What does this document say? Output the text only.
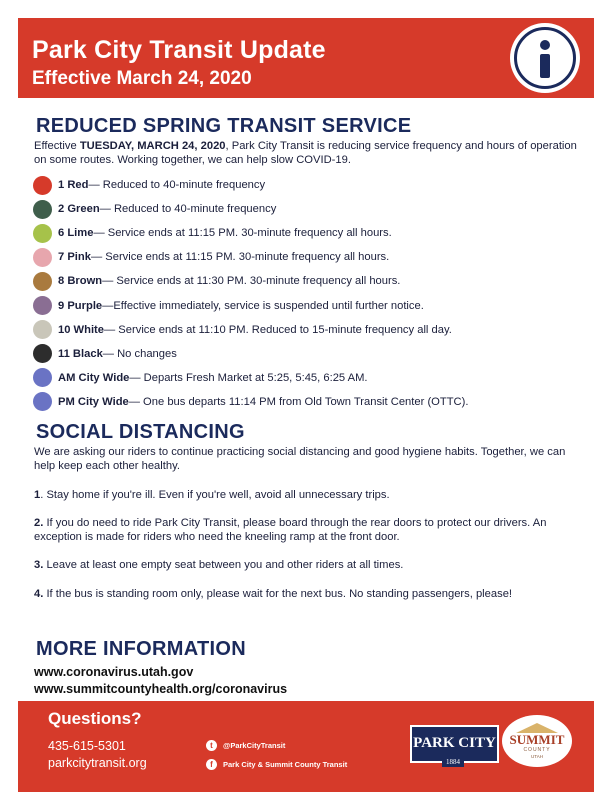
Park City Transit Update
Effective March 24, 2020
REDUCED SPRING TRANSIT SERVICE
Effective TUESDAY, MARCH 24, 2020, Park City Transit is reducing service frequency and hours of operation on some routes. Working together, we can help slow COVID-19.
1 Red — Reduced to 40-minute frequency
2 Green — Reduced to 40-minute frequency
6 Lime — Service ends at 11:15 PM. 30-minute frequency all hours.
7 Pink — Service ends at 11:15 PM. 30-minute frequency all hours.
8 Brown — Service ends at 11:30 PM. 30-minute frequency all hours.
9 Purple —Effective immediately, service is suspended until further notice.
10 White — Service ends at 11:10 PM. Reduced to 15-minute frequency all day.
11 Black — No changes
AM City Wide — Departs Fresh Market at 5:25, 5:45, 6:25 AM.
PM City Wide — One bus departs 11:14 PM from Old Town Transit Center (OTTC).
SOCIAL DISTANCING
We are asking our riders to continue practicing social distancing and good hygiene habits. Together, we can help keep each other healthy.
1. Stay home if you're ill. Even if you're well, avoid all unnecessary trips.
2. If you do need to ride Park City Transit, please board through the rear doors to protect our drivers. An exception is made for riders who need the kneeling ramp at the front door.
3. Leave at least one empty seat between you and other riders at all times.
4. If the bus is standing room only, please wait for the next bus. No standing passengers, please!
MORE INFORMATION
www.coronavirus.utah.gov
www.summitcountyhealth.org/coronavirus
Questions?
435-615-5301
parkcitytransit.org
t	@ParkCityTransit
f	Park City & Summit County Transit
PARK CITY
1884
SUMMIT
COUNTY
UTAH
